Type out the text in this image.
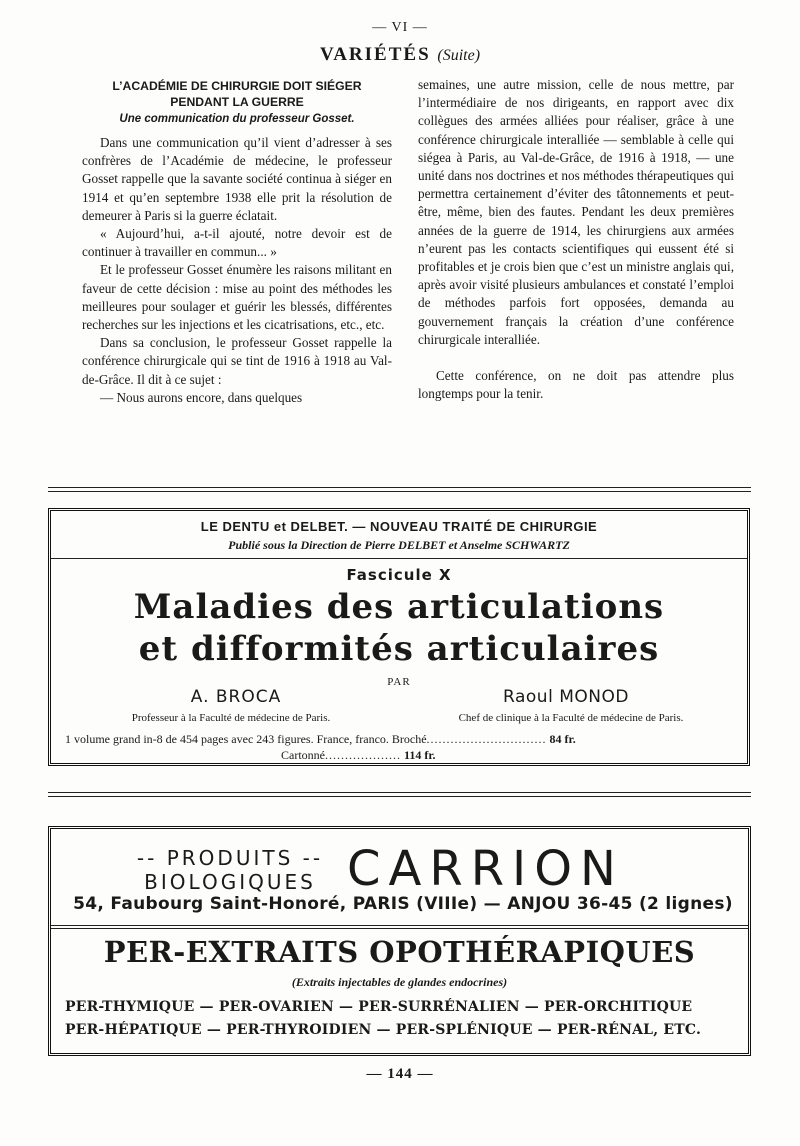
— VI —
VARIÉTÉS (Suite)
L’ACADÉMIE DE CHIRURGIE DOIT SIÉGER
PENDANT LA GUERRE
Une communication du professeur Gosset.

Dans une communication qu’il vient d’adresser à ses confrères de l’Académie de médecine, le professeur Gosset rappelle que la savante société continua à siéger en 1914 et qu’en septembre 1938 elle prit la résolution de demeurer à Paris si la guerre éclatait.

« Aujourd’hui, a-t-il ajouté, notre devoir est de continuer à travailler en commun... »

Et le professeur Gosset énumère les raisons militant en faveur de cette décision : mise au point des méthodes les meilleures pour soulager et guérir les blessés, différentes recherches sur les injections et les cicatrisations, etc., etc.

Dans sa conclusion, le professeur Gosset rappelle la conférence chirurgicale qui se tint de 1916 à 1918 au Val-de-Grâce. Il dit à ce sujet :

— Nous aurons encore, dans quelques

semaines, une autre mission, celle de nous mettre, par l’intermédiaire de nos dirigeants, en rapport avec dix collègues des armées alliées pour réaliser, grâce à une conférence chirurgicale interalliée — semblable à celle qui siégea à Paris, au Val-de-Grâce, de 1916 à 1918, — une unité dans nos doctrines et nos méthodes thérapeutiques qui permettra certainement d’éviter des tâtonnements et peut-être, même, bien des fautes. Pendant les deux premières années de la guerre de 1914, les chirurgiens aux armées n’eurent pas les contacts scientifiques qui eussent été si profitables et je crois bien que c’est un ministre anglais qui, après avoir visité plusieurs ambulances et constaté l’emploi de méthodes parfois fort opposées, demanda au gouvernement français la création d’une conférence chirurgicale interalliée.

Cette conférence, on ne doit pas attendre plus longtemps pour la tenir.

LE DENTU et DELBET. — NOUVEAU TRAITÉ DE CHIRURGIE
Publié sous la Direction de Pierre DELBET et Anselme SCHWARTZ
Fascicule X
Maladies des articulations
et difformités articulaires
PAR
A. BROCA	Raoul MONOD
Professeur à la Faculté de médecine de Paris.	Chef de clinique à la Faculté de médecine de Paris.
1 volume grand in-8 de 454 pages avec 243 figures. France, franco. Broché.............................. 84 fr.
Cartonné................... 114 fr.
-- PRODUITS --
BIOLOGIQUES CARRION
54, Faubourg Saint-Honoré, PARIS (VIIIe) — ANJOU 36-45 (2 lignes)
PER-EXTRAITS OPOTHÉRAPIQUES
(Extraits injectables de glandes endocrines)
PER-THYMIQUE — PER-OVARIEN — PER-SURRÉNALIEN — PER-ORCHITIQUE
PER-HÉPATIQUE — PER-THYROIDIEN — PER-SPLÉNIQUE — PER-RÉNAL, ETC.
— 144 —
